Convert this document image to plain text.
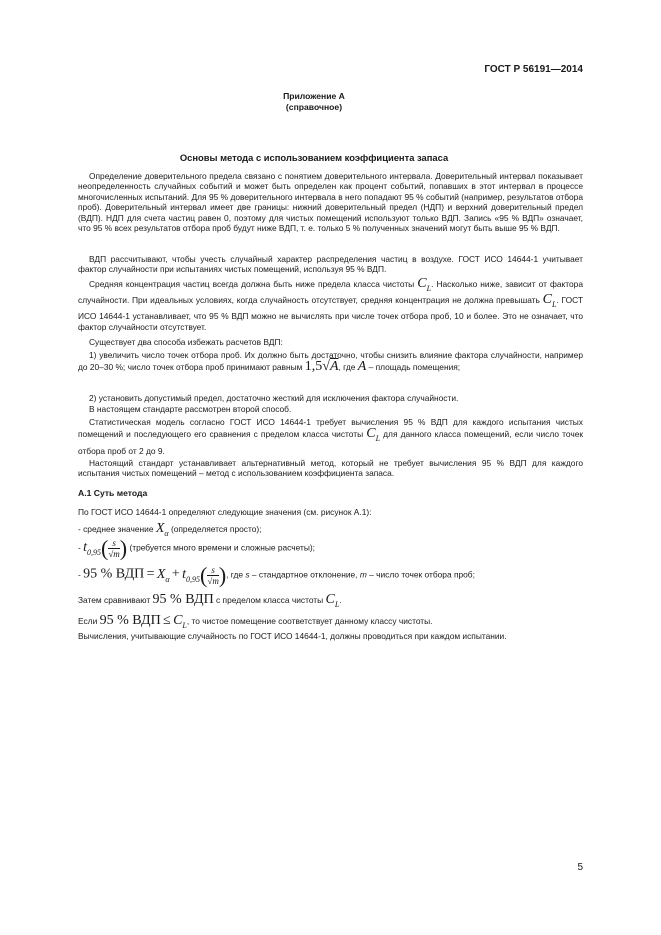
ГОСТ Р 56191—2014
Приложение А
(справочное)
Основы метода с использованием коэффициента запаса

Определение доверительного предела связано с понятием доверительного интервала. Доверительный интервал показывает неопределенность случайных событий и может быть определен как процент событий, попавших в этот интервал в процессе многочисленных испытаний. Для 95 % доверительного интервала в него попадают 95 % событий (например, результатов отбора проб). Доверительный интервал имеет две границы: нижний доверительный предел (НДП) и верхний доверительный предел (ВДП). НДП для счета частиц равен 0, поэтому для чистых помещений используют только ВДП. Запись «95 % ВДП» означает, что 95 % всех результатов отбора проб будут ниже ВДП, т. е. только 5 % полученных значений могут быть выше 95 % ВДП.

ВДП рассчитывают, чтобы учесть случайный характер распределения частиц в воздухе. ГОСТ ИСО 14644-1 учитывает фактор случайности при испытаниях чистых помещений, используя 95 % ВДП.

Средняя концентрация частиц всегда должна быть ниже предела класса чистоты $C_L$. Насколько ниже, зависит от фактора случайности. При идеальных условиях, когда случайность отсутствует, средняя концентрация не должна превышать $C_L$. ГОСТ ИСО 14644-1 устанавливает, что 95 % ВДП можно не вычислять при числе точек отбора проб, 10 и более. Это не означает, что фактор случайности отсутствует.

Существует два способа избежать расчетов ВДП:

1) увеличить число точек отбора проб. Их должно быть достаточно, чтобы снизить влияние фактора случайности, например до 20–30 %; число точек отбора проб принимают равным 1,5√A, где A – площадь помещения;

2) установить допустимый предел, достаточно жесткий для исключения фактора случайности.

В настоящем стандарте рассмотрен второй способ.

Статистическая модель согласно ГОСТ ИСО 14644-1 требует вычисления 95 % ВДП для каждого испытания чистых помещений и последующего его сравнения с пределом класса чистоты $C_L$ для данного класса помещений, если число точек отбора проб от 2 до 9.

Настоящий стандарт устанавливает альтернативный метод, который не требует вычисления 95 % ВДП для каждого испытания чистых помещений – метод с использованием коэффициента запаса.

А.1 Суть метода
По ГОСТ ИСО 14644-1 определяют следующие значения (см. рисунок А.1):
- среднее значение $X_\alpha$ (определяется просто);
- $t_{0,95}( \frac{s}{√m}$ ) (требуется много времени и сложные расчеты);
- 95 % ВДП = $X_\alpha + t_{0,95}( \frac{s}{√m}$ ), где s – стандартное отклонение, m – число точек отбора проб;
Затем сравнивают 95 % ВДП с пределом класса чистоты $C_L$.
Если 95 % ВДП ≤ $C_L$, то чистое помещение соответствует данному классу чистоты.
Вычисления, учитывающие случайность по ГОСТ ИСО 14644-1, должны проводиться при каждом испытании.
5
